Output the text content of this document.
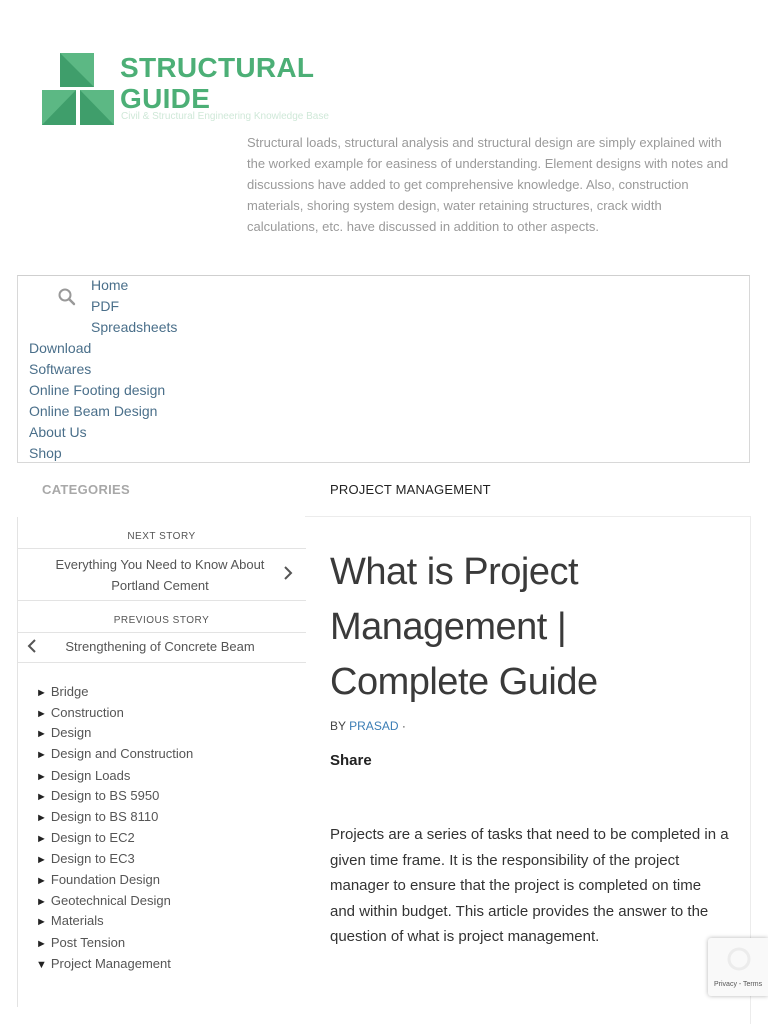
STRUCTURAL
GUIDE
Civil & Structural Engineering Knowledge Base
Structural loads, structural analysis and structural design are simply explained with the worked example for easiness of understanding. Element designs with notes and discussions have added to get comprehensive knowledge. Also, construction materials, shoring system design, water retaining structures, crack width calculations, etc. have discussed in addition to other aspects.
Home
PDF
Spreadsheets
Download
Softwares
Online Footing design
Online Beam Design
About Us
Shop
CATEGORIES
NEXT STORY
Everything You Need to Know About Portland Cement
PREVIOUS STORY
Strengthening of Concrete Beam
► Bridge
► Construction
► Design
► Design and Construction
► Design Loads
► Design to BS 5950
► Design to BS 8110
► Design to EC2
► Design to EC3
► Foundation Design
► Geotechnical Design
► Materials
► Post Tension
▼ Project Management
PROJECT MANAGEMENT
What is Project Management | Complete Guide
BY PRASAD ·
Share

Projects are a series of tasks that need to be completed in a given time frame. It is the responsibility of the project manager to ensure that the project is completed on time and within budget. This article provides the answer to the question of what is project management.

Privacy - Terms
